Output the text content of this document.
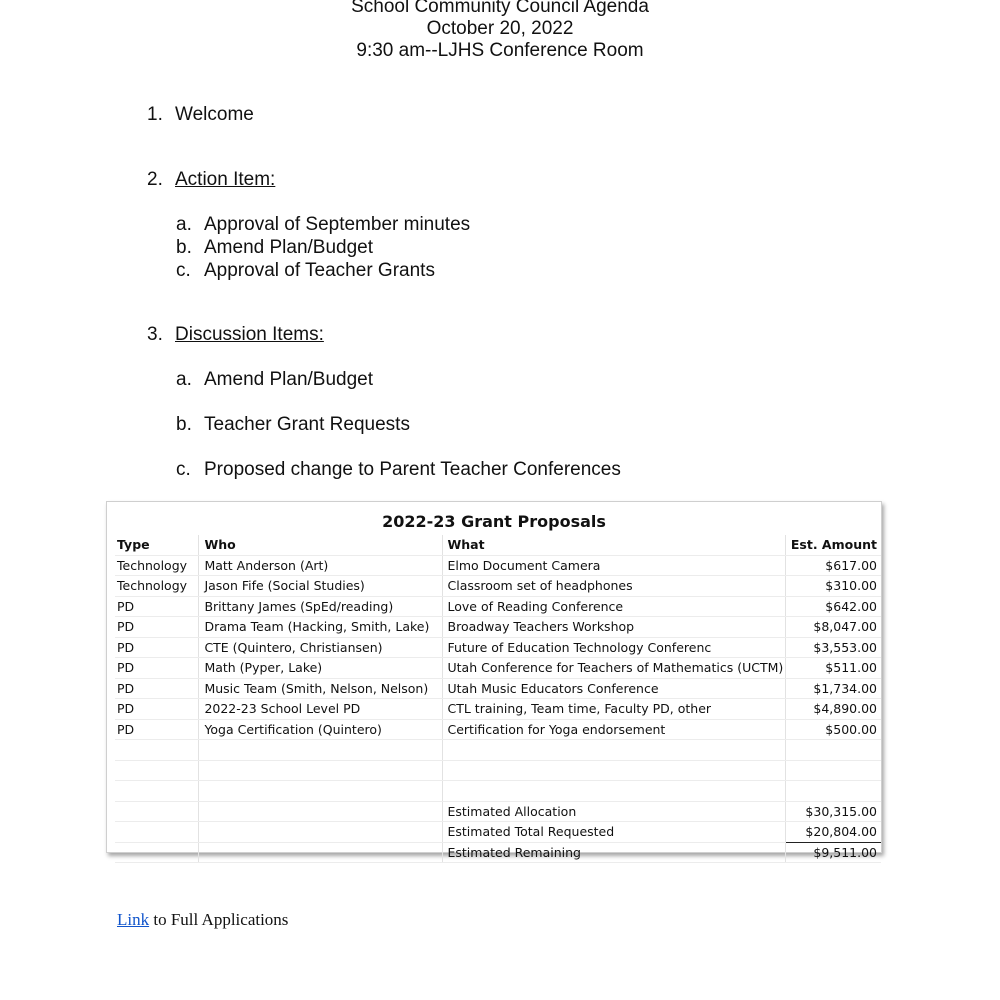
School Community Council Agenda
October 20, 2022
9:30 am--LJHS Conference Room
1. Welcome
2. Action Item:
a. Approval of September minutes
b. Amend Plan/Budget
c. Approval of Teacher Grants
3. Discussion Items:
a. Amend Plan/Budget
b. Teacher Grant Requests
c. Proposed change to Parent Teacher Conferences
2022-23 Grant Proposals
Type	Who	What	Est. Amount
Technology	Matt Anderson (Art)	Elmo Document Camera	$617.00
Technology	Jason Fife (Social Studies)	Classroom set of headphones	$310.00
PD	Brittany James (SpEd/reading)	Love of Reading Conference	$642.00
PD	Drama Team (Hacking, Smith, Lake)	Broadway Teachers Workshop	$8,047.00
PD	CTE (Quintero, Christiansen)	Future of Education Technology Conferenc	$3,553.00
PD	Math (Pyper, Lake)	Utah Conference for Teachers of Mathematics (UCTM)	$511.00
PD	Music Team (Smith, Nelson, Nelson)	Utah Music Educators Conference	$1,734.00
PD	2022-23 School Level PD	CTL training, Team time, Faculty PD, other	$4,890.00
PD	Yoga Certification (Quintero)	Certification for Yoga endorsement	$500.00

		Estimated Allocation	$30,315.00
		Estimated Total Requested	$20,804.00
		Estimated Remaining	$9,511.00
Link to Full Applications
